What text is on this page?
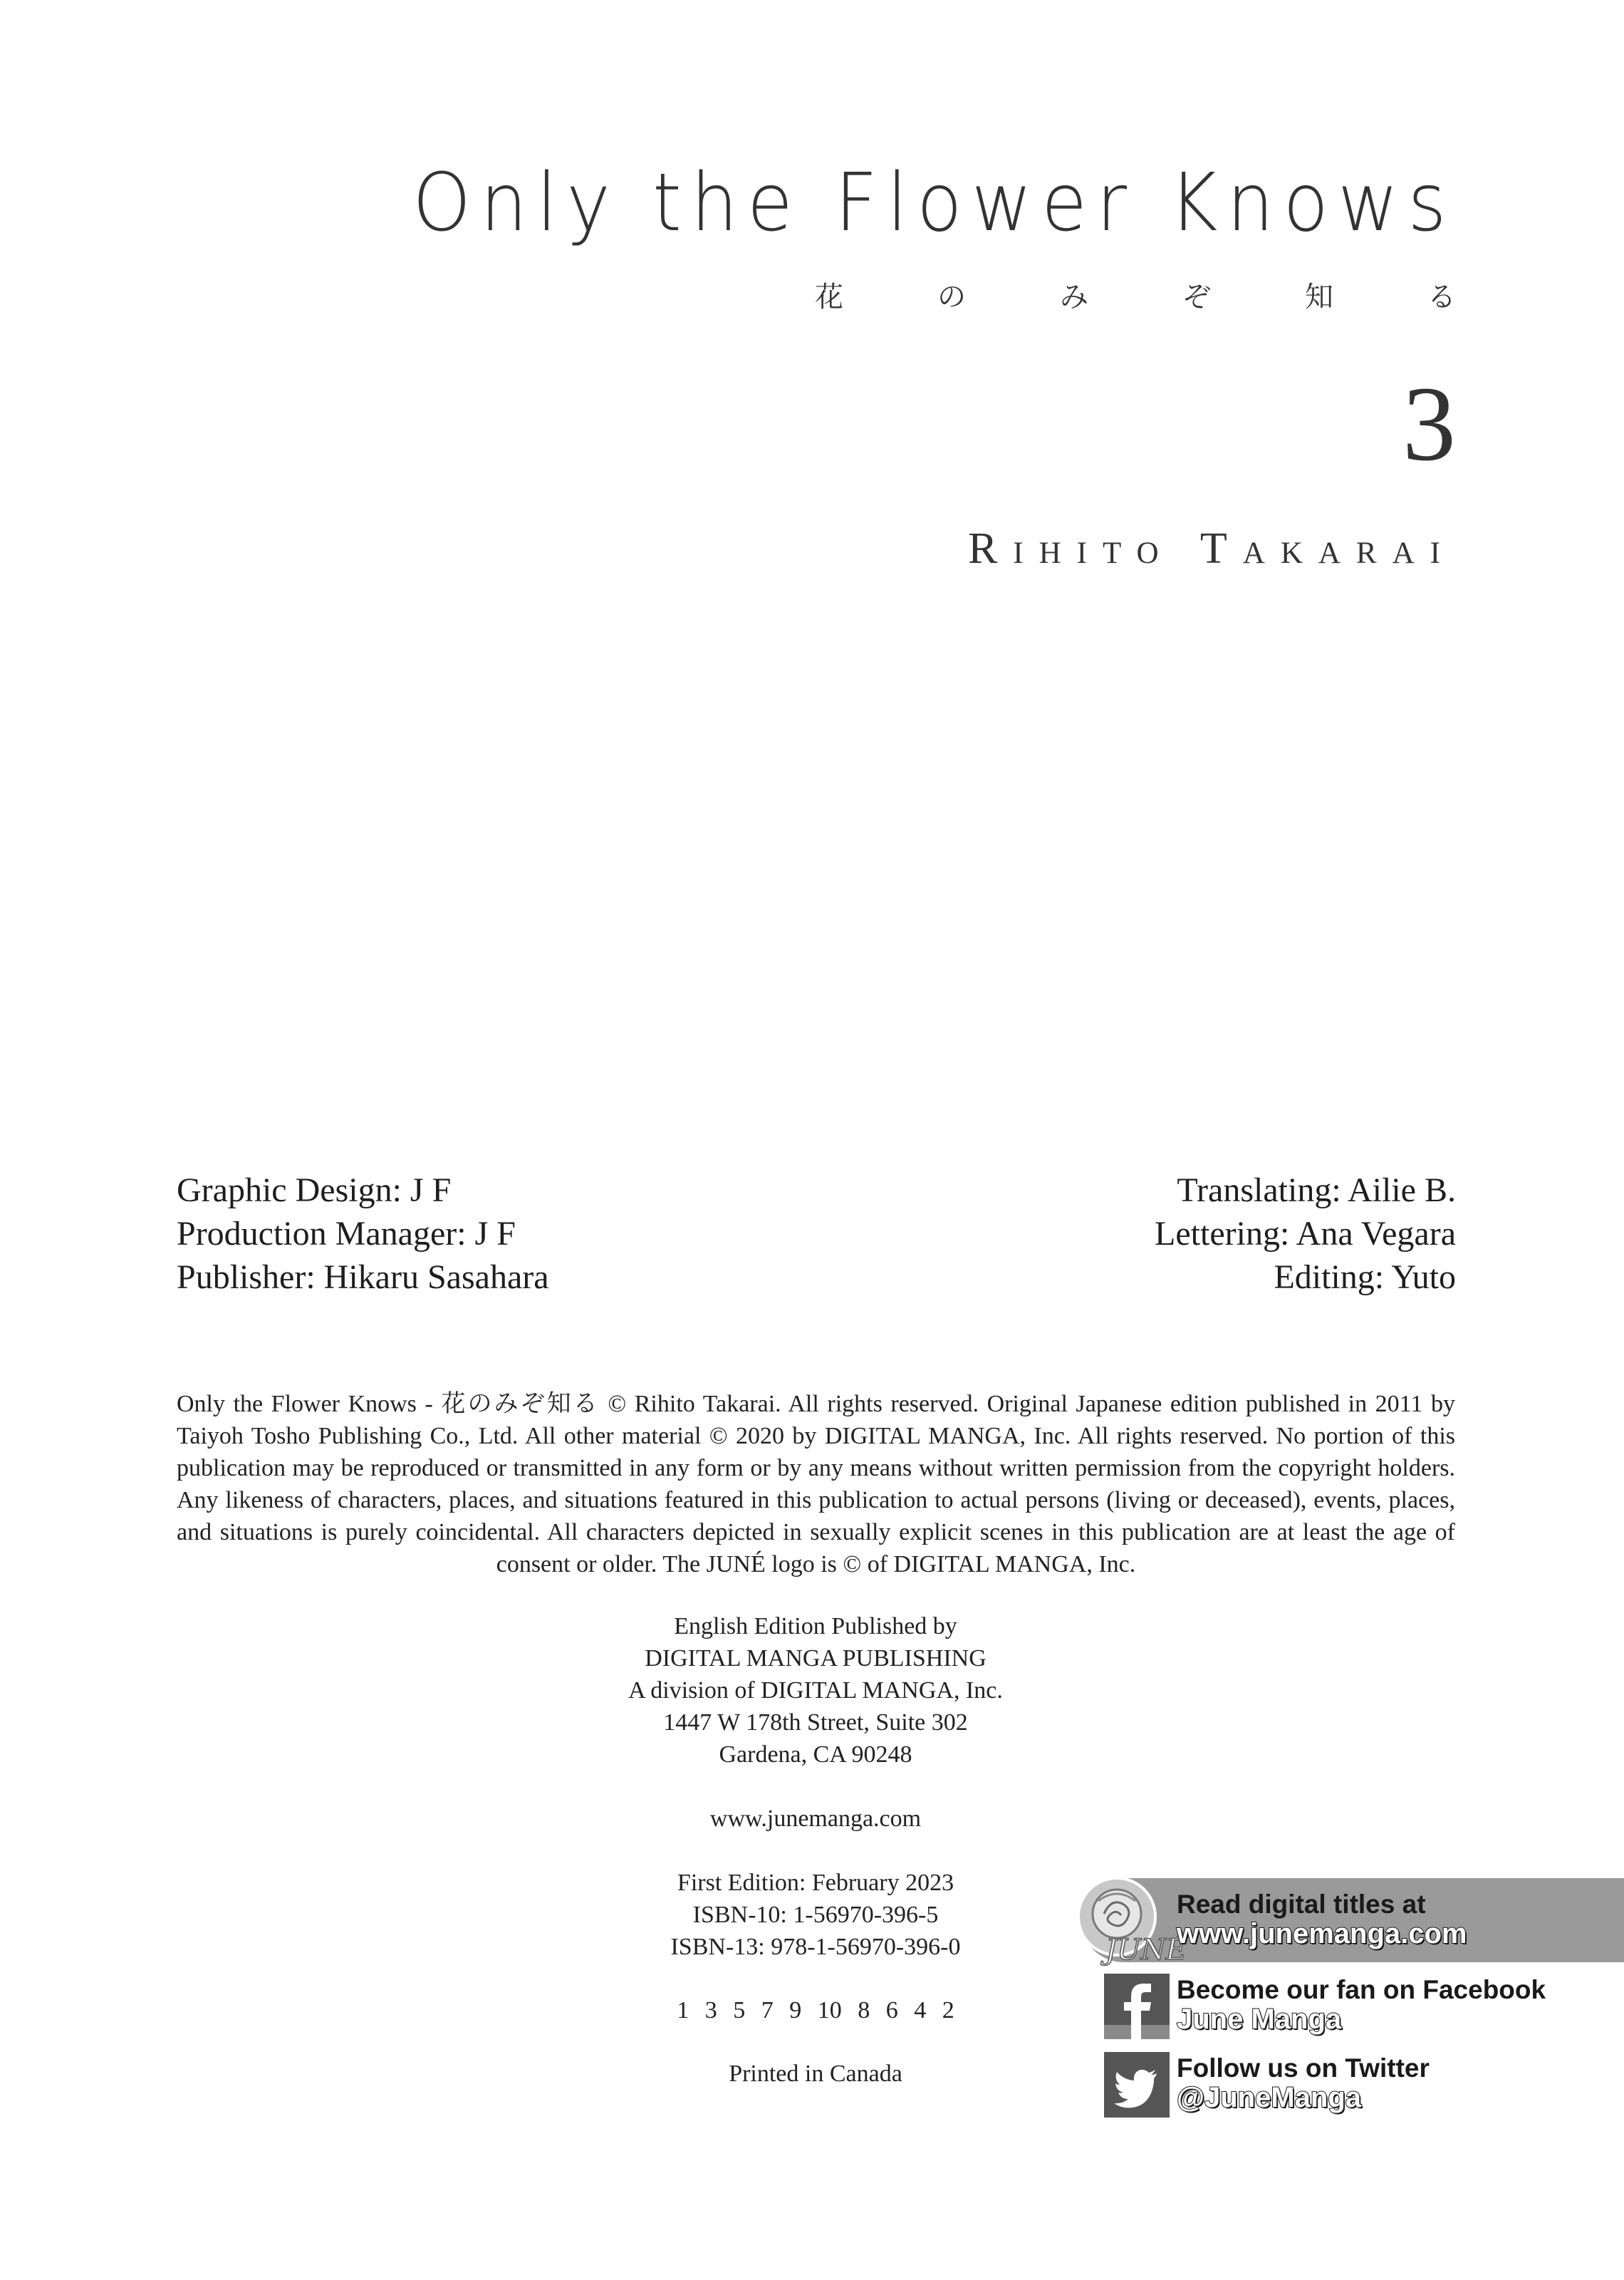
Only the Flower Knows
花	の	み	ぞ	知	る
3
Rihito Takarai
Graphic Design: J F
Production Manager: J F
Publisher: Hikaru Sasahara
Translating: Ailie B.
Lettering: Ana Vegara
Editing: Yuto
Only the Flower Knows - 花のみぞ知る © Rihito Takarai. All rights reserved. Original Japanese edition published in 2011 by Taiyoh Tosho Publishing Co., Ltd. All other material © 2020 by DIGITAL MANGA, Inc. All rights reserved. No portion of this publication may be reproduced or transmitted in any form or by any means without written permission from the copyright holders. Any likeness of characters, places, and situations featured in this publication to actual persons (living or deceased), events, places, and situations is purely coincidental. All characters depicted in sexually explicit scenes in this publication are at least the age of consent or older. The JUNÉ logo is © of DIGITAL MANGA, Inc.
English Edition Published by
DIGITAL MANGA PUBLISHING
A division of DIGITAL MANGA, Inc.
1447 W 178th Street, Suite 302
Gardena, CA 90248
www.junemanga.com
First Edition: February 2023
ISBN-10: 1-56970-396-5
ISBN-13: 978-1-56970-396-0
1 3 5 7 9 10 8 6 4 2
Printed in Canada
JUNÉ
Read digital titles at
www.junemanga.com
Become our fan on Facebook
June Manga
Follow us on Twitter
@JuneManga
